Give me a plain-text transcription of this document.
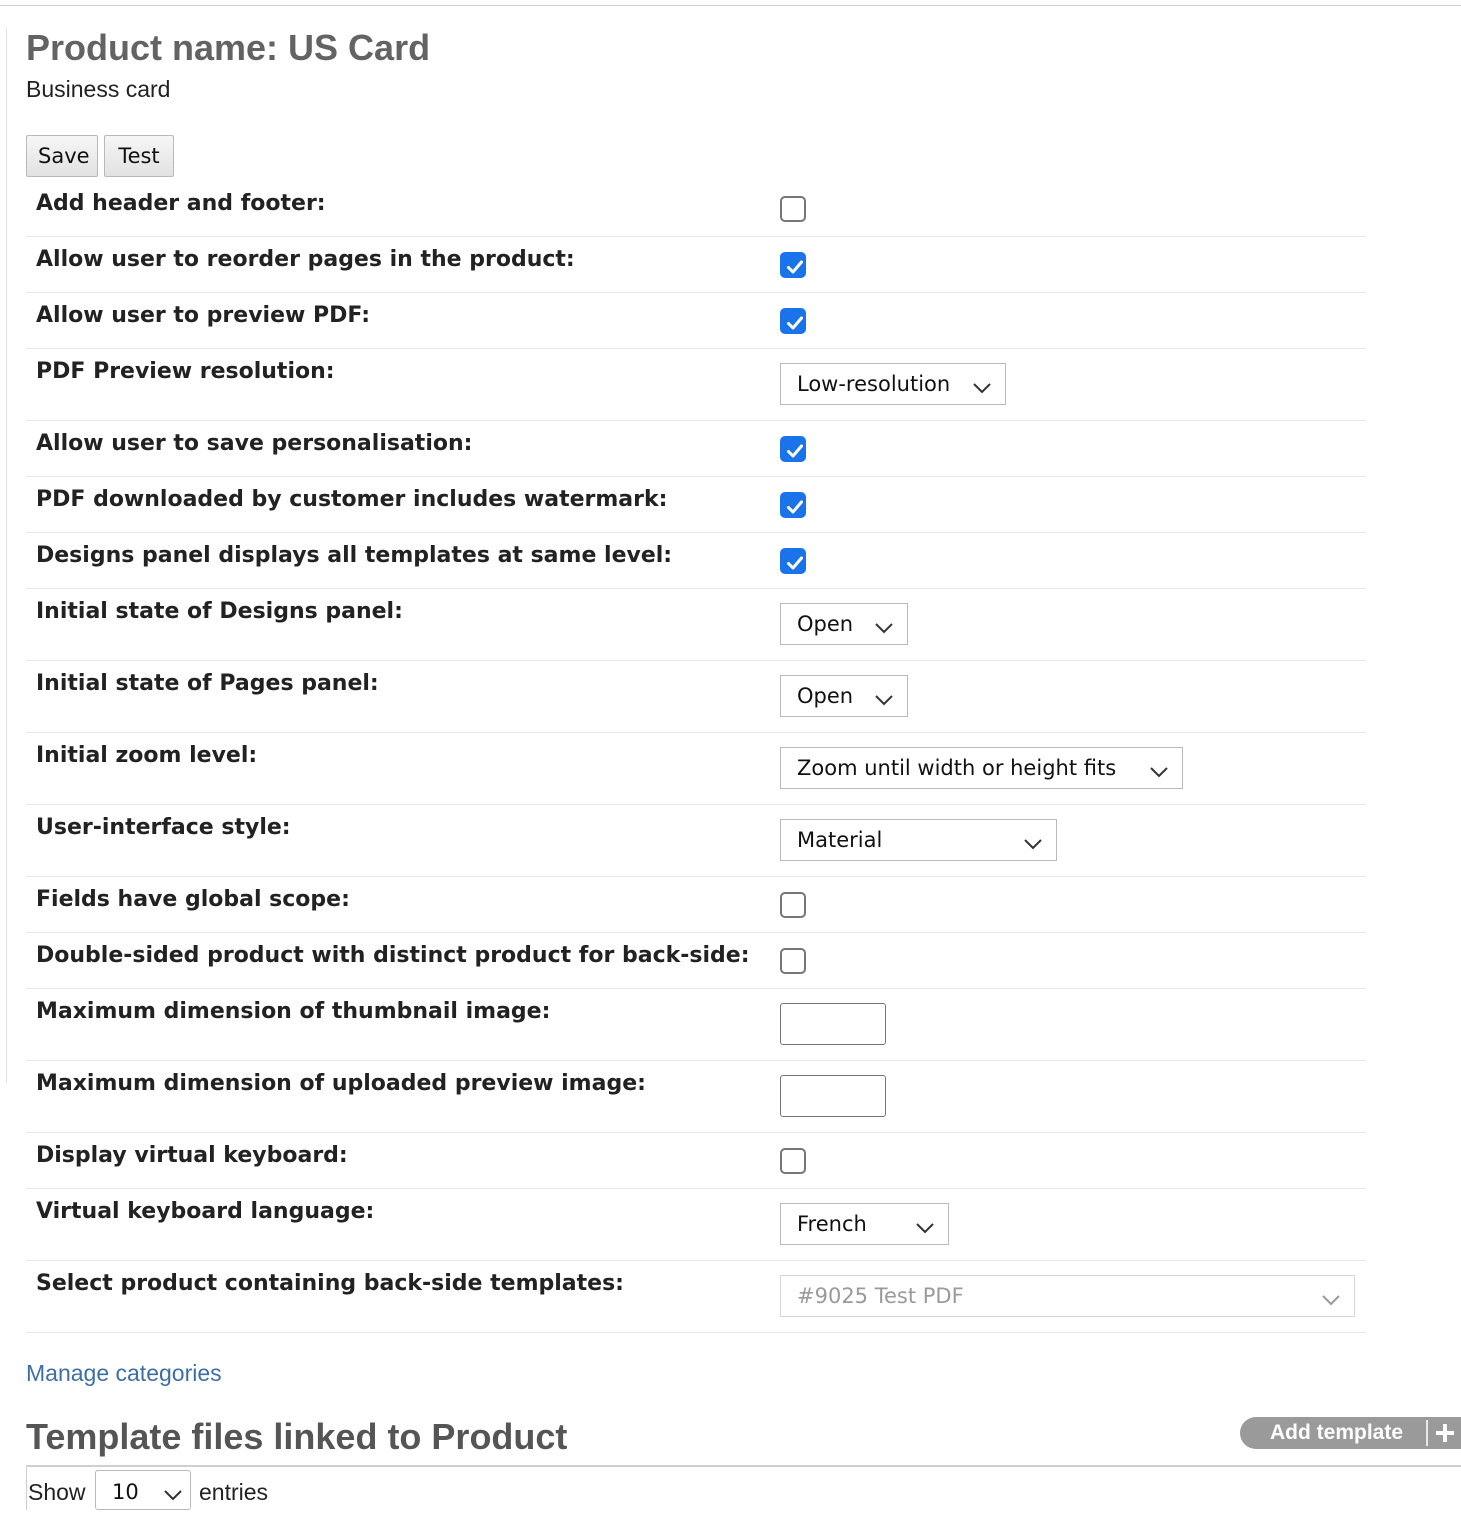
Product name: US Card
Business card
Save	Test
Add header and footer:
Allow user to reorder pages in the product:
Allow user to preview PDF:
PDF Preview resolution:	Low-resolution
Allow user to save personalisation:
PDF downloaded by customer includes watermark:
Designs panel displays all templates at same level:
Initial state of Designs panel:	Open
Initial state of Pages panel:	Open
Initial zoom level:	Zoom until width or height fits
User-interface style:	Material
Fields have global scope:
Double-sided product with distinct product for back-side:
Maximum dimension of thumbnail image:
Maximum dimension of uploaded preview image:
Display virtual keyboard:
Virtual keyboard language:	French
Select product containing back-side templates:	#9025 Test PDF
Manage categories
Template files linked to Product	Add template
Show 10	entries
